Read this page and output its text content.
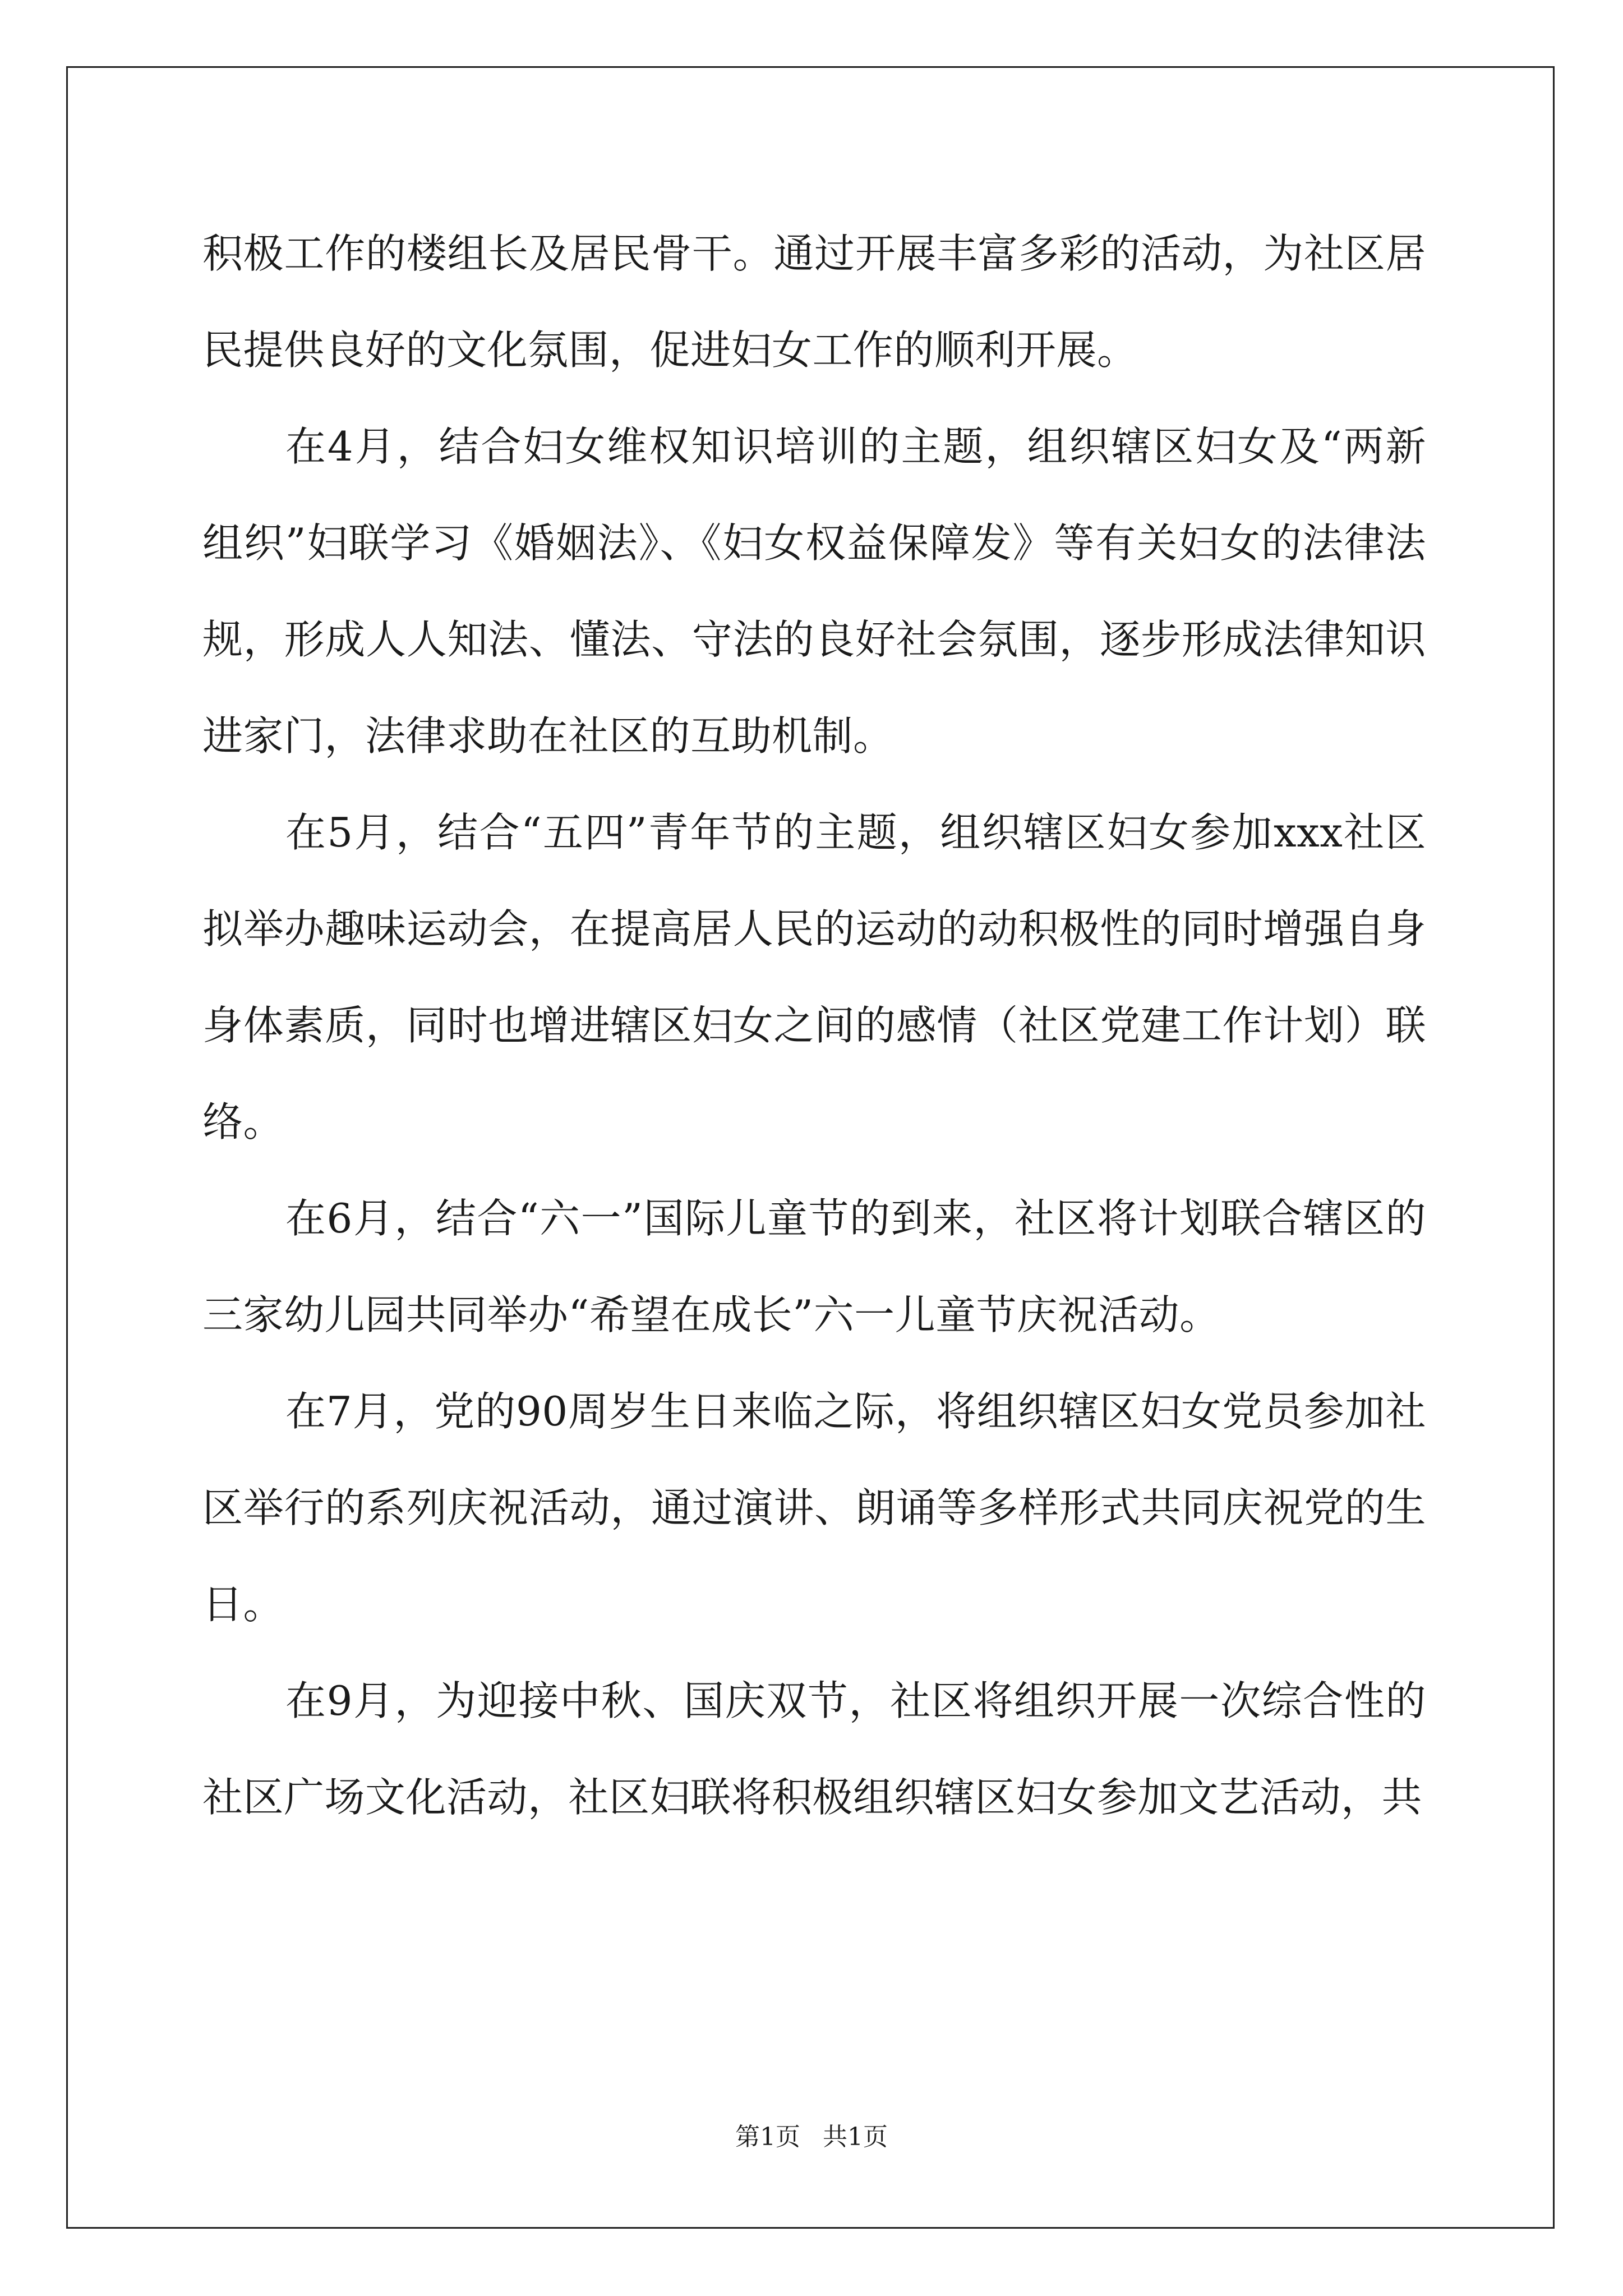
积极工作的楼组长及居民骨干。通过开展丰富多彩的活动，为社区居民提供良好的文化氛围，促进妇女工作的顺利开展。

在4月，结合妇女维权知识培训的主题，组织辖区妇女及“两新组织”妇联学习《婚姻法》、《妇女权益保障发》等有关妇女的法律法规，形成人人知法、懂法、守法的良好社会氛围，逐步形成法律知识进家门，法律求助在社区的互助机制。

在5月，结合“五四”青年节的主题，组织辖区妇女参加xxx社区拟举办趣味运动会，在提高居人民的运动的动积极性的同时增强自身身体素质，同时也增进辖区妇女之间的感情（社区党建工作计划）联络。

在6月，结合“六一”国际儿童节的到来，社区将计划联合辖区的三家幼儿园共同举办“希望在成长”六一儿童节庆祝活动。

在7月，党的90周岁生日来临之际，将组织辖区妇女党员参加社区举行的系列庆祝活动，通过演讲、朗诵等多样形式共同庆祝党的生日。

在9月，为迎接中秋、国庆双节，社区将组织开展一次综合性的社区广场文化活动，社区妇联将积极组织辖区妇女参加文艺活动，共

第1页 共1页
